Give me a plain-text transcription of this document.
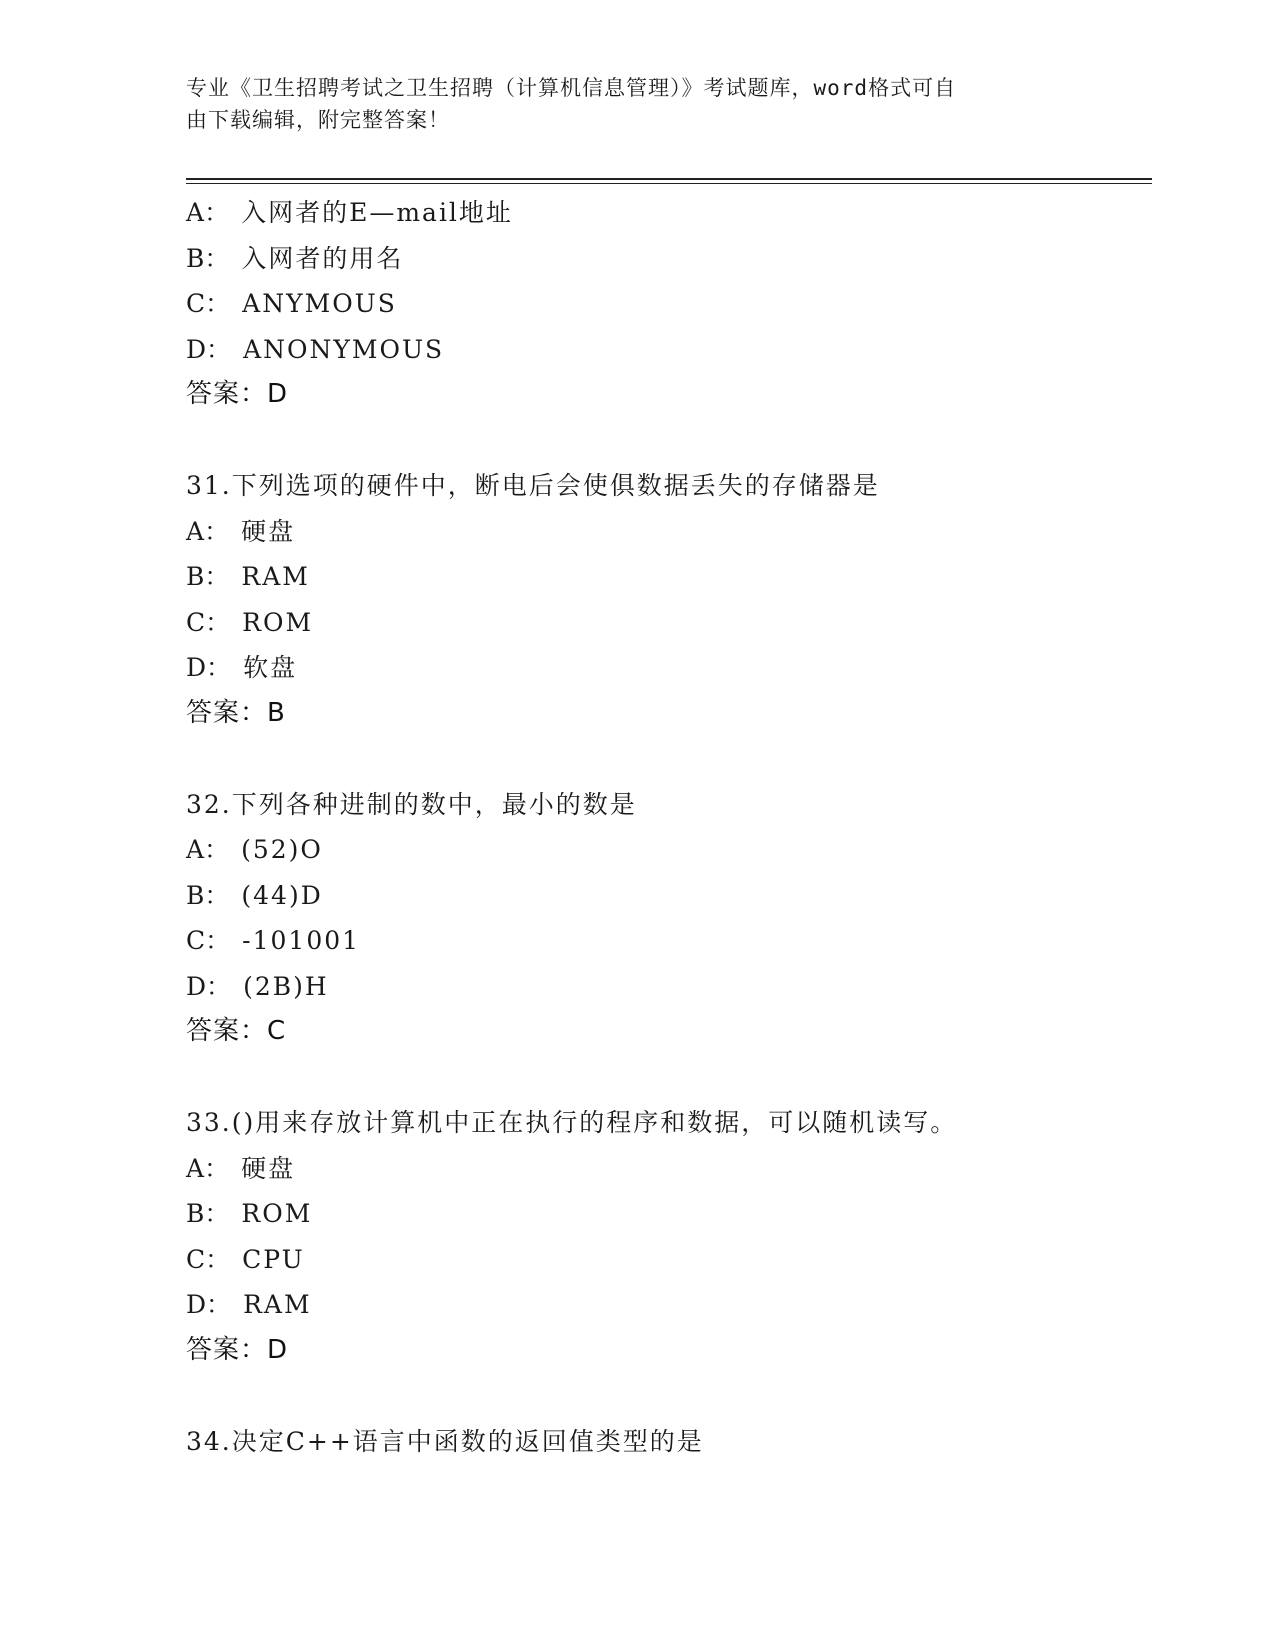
专业《卫生招聘考试之卫生招聘（计算机信息管理）》考试题库，word格式可自
由下载编辑，附完整答案！
A： 入网者的E—mail地址
B： 入网者的用名
C： ANYMOUS
D： ANONYMOUS
答案：D
31.下列选项的硬件中，断电后会使俱数据丢失的存储器是
A： 硬盘
B： RAM
C： ROM
D： 软盘
答案：B
32.下列各种进制的数中，最小的数是
A： (52)O
B： (44)D
C： -101001
D： (2B)H
答案：C
33.()用来存放计算机中正在执行的程序和数据，可以随机读写。
A： 硬盘
B： ROM
C： CPU
D： RAM
答案：D
34.决定C++语言中函数的返回值类型的是
